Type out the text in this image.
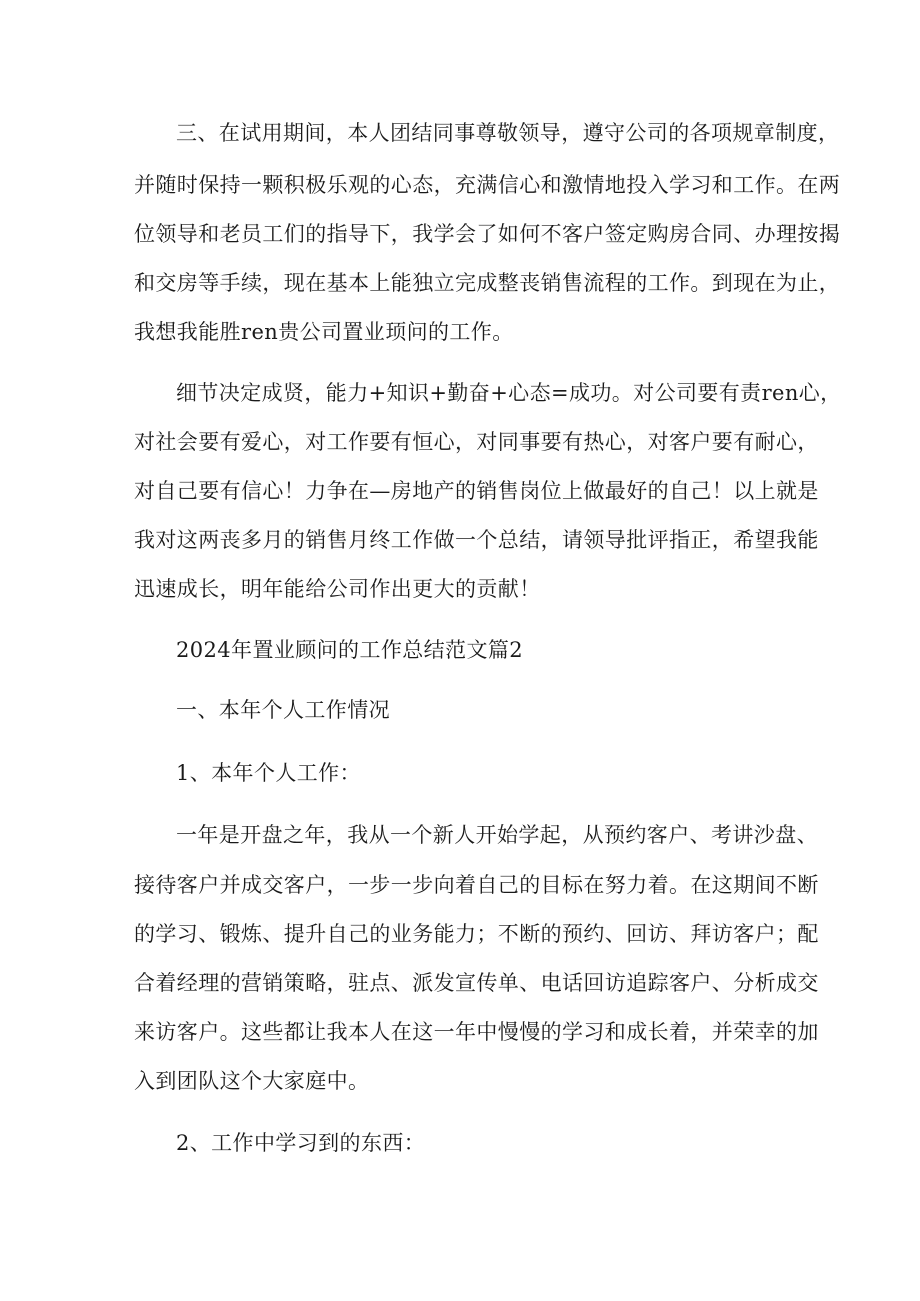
三、在试用期间，本人团结同事尊敬领导，遵守公司的各项规章制度，
并随时保持一颗积极乐观的心态，充满信心和激情地投入学习和工作。在两
位领导和老员工们的指导下，我学会了如何不客户签定购房合同、办理按揭
和交房等手续，现在基本上能独立完成整丧销售流程的工作。到现在为止，
我想我能胜ren贵公司置业顼问的工作。
细节决定成贤，能力+知识+勤奋+心态=成功。对公司要有责ren心，
对社会要有爱心，对工作要有恒心，对同事要有热心，对客户要有耐心，
对自己要有信心！力争在—房地产的销售岗位上做最好的自己！以上就是
我对这两丧多月的销售月终工作做一个总结，请领导批评指正，希望我能
迅速成长，明年能给公司作出更大的贡献！
2024年置业顾问的工作总结范文篇2
一、本年个人工作情况
1、本年个人工作：
一年是开盘之年，我从一个新人开始学起，从预约客户、考讲沙盘、
接待客户并成交客户，一步一步向着自己的目标在努力着。在这期间不断
的学习、锻炼、提升自己的业务能力；不断的预约、回访、拜访客户；配
合着经理的营销策略，驻点、派发宣传单、电话回访追踪客户、分析成交
来访客户。这些都让我本人在这一年中慢慢的学习和成长着，并荣幸的加
入到团队这个大家庭中。
2、工作中学习到的东西：
